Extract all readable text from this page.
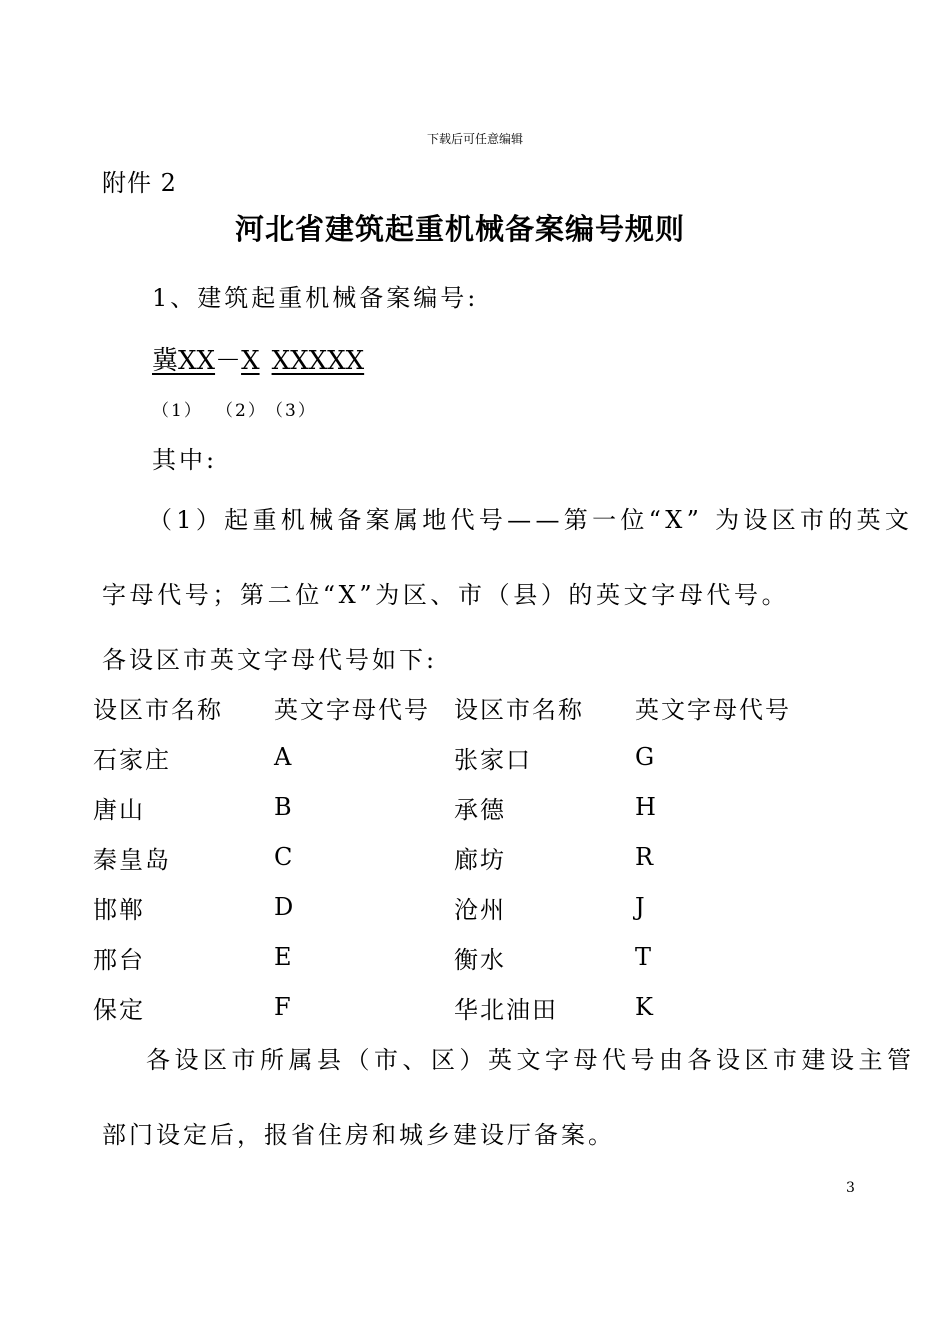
下载后可任意编辑
附件 2
河北省建筑起重机械备案编号规则
1、建筑起重机械备案编号:
冀XX－X XXXXX
（1） （2）（3）
其中:
（1）起重机械备案属地代号——第一位“X” 为设区市的英文
字母代号；第二位“X”为区、市（县）的英文字母代号。
各设区市英文字母代号如下:
设区市名称	英文字母代号	设区市名称	英文字母代号
石家庄	A	张家口	G
唐山	B	承德	H
秦皇岛	C	廊坊	R
邯郸	D	沧州	J
邢台	E	衡水	T
保定	F	华北油田	K
各设区市所属县（市、区）英文字母代号由各设区市建设主管
部门设定后，报省住房和城乡建设厅备案。
3
